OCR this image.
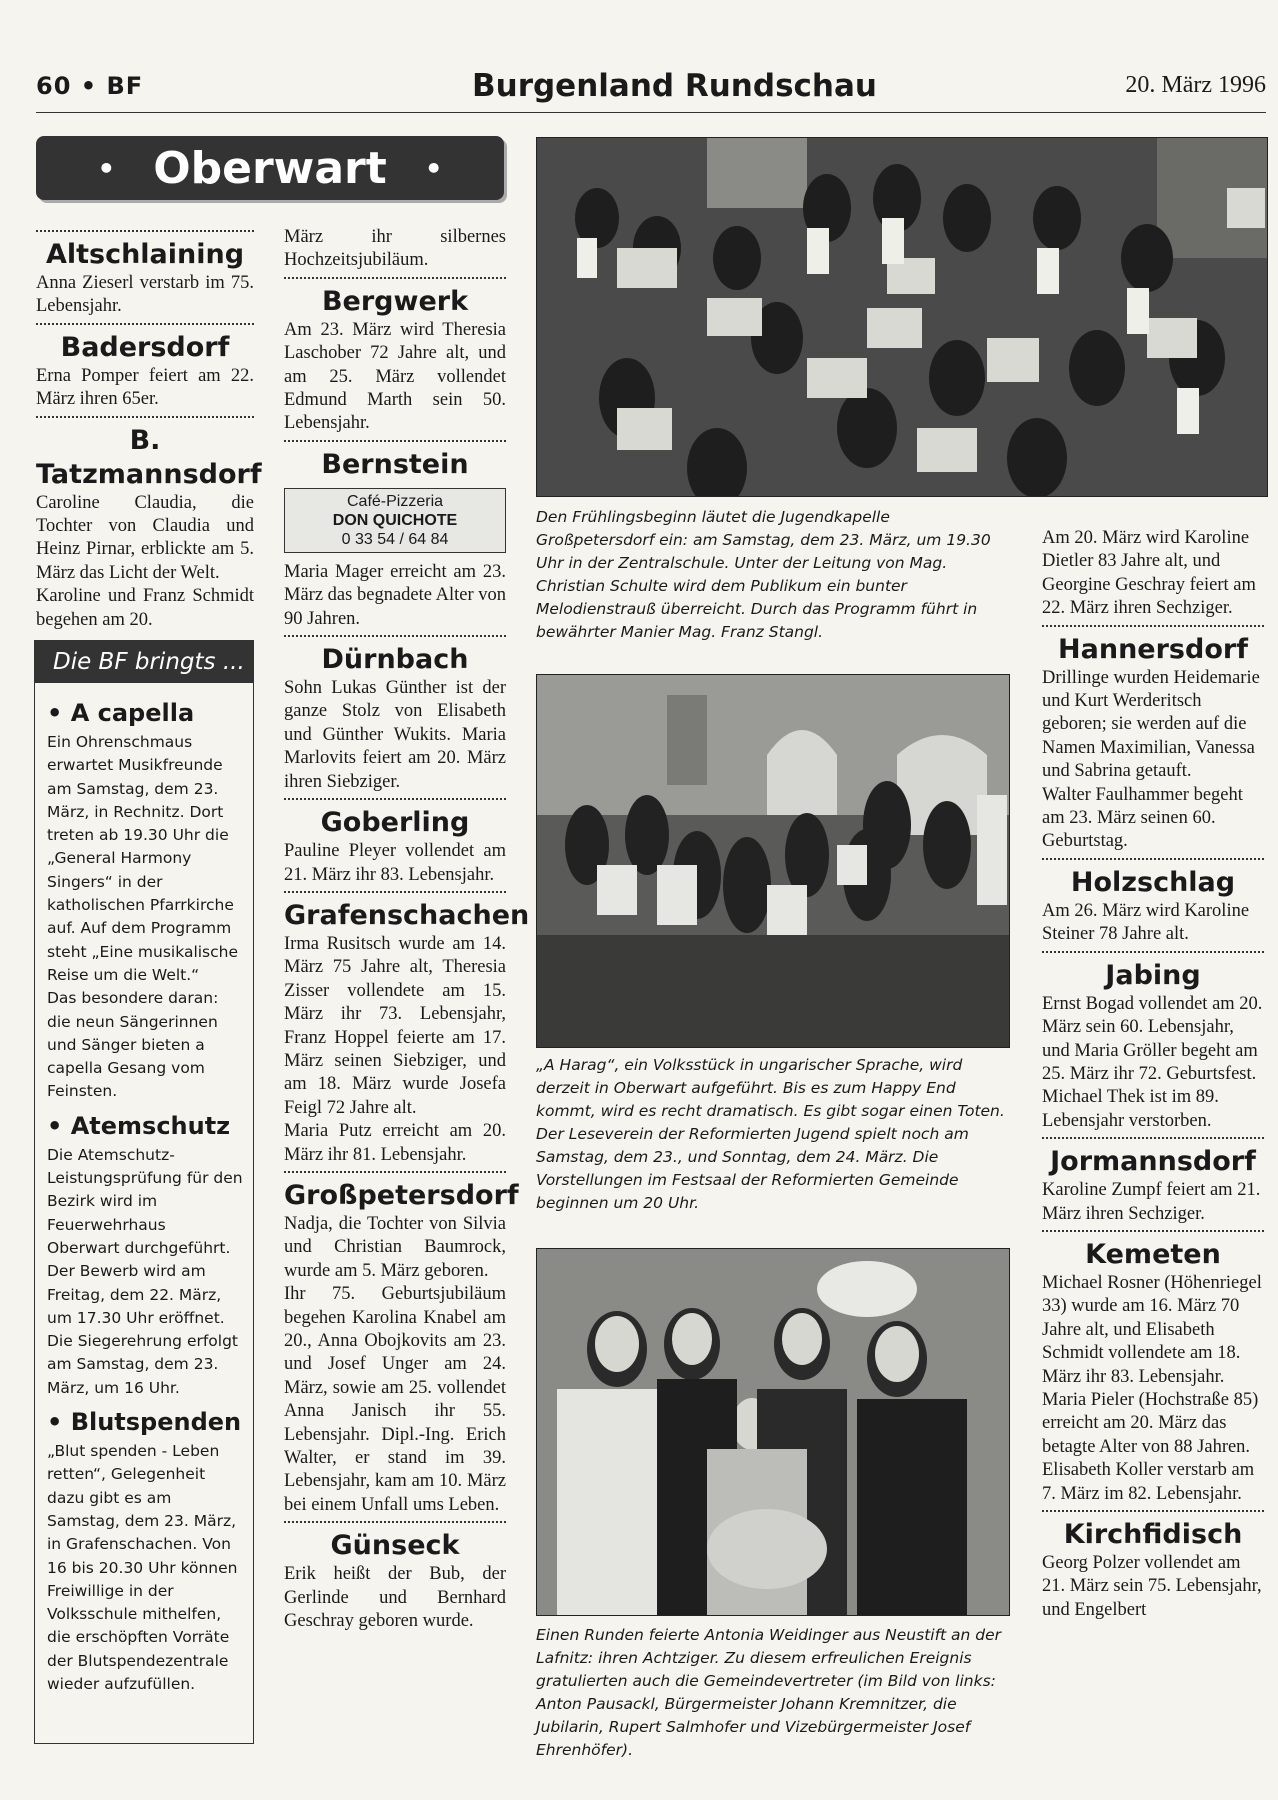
60 • BF	Burgenland Rundschau	20. März 1996
• Oberwart •
Altschlaining

Anna Zieserl verstarb im 75. Lebensjahr.

Badersdorf

Erna Pomper feiert am 22. März ihren 65er.

B. Tatzmannsdorf

Caroline Claudia, die Tochter von Claudia und Heinz Pirnar, erblickte am 5. März das Licht der Welt.

Karoline und Franz Schmidt begehen am 20.

Die BF bringts ...
• A capella

Ein Ohrenschmaus erwartet Musikfreunde am Samstag, dem 23. März, in Rechnitz. Dort treten ab 19.30 Uhr die „General Harmony Singers“ in der katholischen Pfarrkirche auf. Auf dem Programm steht „Eine musikalische Reise um die Welt.“

Das besondere daran: die neun Sängerinnen und Sänger bieten a capella Gesang vom Feinsten.

• Atemschutz

Die Atemschutz-Leistungsprüfung für den Bezirk wird im Feuerwehrhaus Oberwart durchgeführt. Der Bewerb wird am Freitag, dem 22. März, um 17.30 Uhr eröffnet. Die Siegerehrung erfolgt am Samstag, dem 23. März, um 16 Uhr.

• Blutspenden

„Blut spenden - Leben retten“, Gelegenheit dazu gibt es am Samstag, dem 23. März, in Grafenschachen. Von 16 bis 20.30 Uhr können Freiwillige in der Volksschule mithelfen, die erschöpften Vorräte der Blutspendezentrale wieder aufzufüllen.

März ihr silbernes Hochzeitsjubiläum.

Bergwerk

Am 23. März wird Theresia Laschober 72 Jahre alt, und am 25. März vollendet Edmund Marth sein 50. Lebensjahr.

Bernstein
Café-Pizzeria
DON QUICHOTE
0 33 54 / 64 84

Maria Mager erreicht am 23. März das begnadete Alter von 90 Jahren.

Dürnbach

Sohn Lukas Günther ist der ganze Stolz von Elisabeth und Günther Wukits. Maria Marlovits feiert am 20. März ihren Siebziger.

Goberling

Pauline Pleyer vollendet am 21. März ihr 83. Lebensjahr.

Grafenschachen

Irma Rusitsch wurde am 14. März 75 Jahre alt, Theresia Zisser vollendete am 15. März ihr 73. Lebensjahr, Franz Hoppel feierte am 17. März seinen Siebziger, und am 18. März wurde Josefa Feigl 72 Jahre alt.

Maria Putz erreicht am 20. März ihr 81. Lebensjahr.

Großpetersdorf

Nadja, die Tochter von Silvia und Christian Baumrock, wurde am 5. März geboren.

Ihr 75. Geburtsjubiläum begehen Karolina Knabel am 20., Anna Obojkovits am 23. und Josef Unger am 24. März, sowie am 25. vollendet Anna Janisch ihr 55. Lebensjahr. Dipl.-Ing. Erich Walter, er stand im 39. Lebensjahr, kam am 10. März bei einem Unfall ums Leben.

Günseck

Erik heißt der Bub, der Gerlinde und Bernhard Geschray geboren wurde.

Den Frühlingsbeginn läutet die Jugendkapelle Großpetersdorf ein: am Samstag, dem 23. März, um 19.30 Uhr in der Zentralschule. Unter der Leitung von Mag. Christian Schulte wird dem Publikum ein bunter Melodienstrauß überreicht. Durch das Programm führt in bewährter Manier Mag. Franz Stangl.
„A Harag“, ein Volksstück in ungarischer Sprache, wird derzeit in Oberwart aufgeführt. Bis es zum Happy End kommt, wird es recht dramatisch. Es gibt sogar einen Toten. Der Leseverein der Reformierten Jugend spielt noch am Samstag, dem 23., und Sonntag, dem 24. März. Die Vorstellungen im Festsaal der Reformierten Gemeinde beginnen um 20 Uhr.
Einen Runden feierte Antonia Weidinger aus Neustift an der Lafnitz: ihren Achtziger. Zu diesem erfreulichen Ereignis gratulierten auch die Gemeindevertreter (im Bild von links: Anton Pausackl, Bürgermeister Johann Kremnitzer, die Jubilarin, Rupert Salmhofer und Vizebürgermeister Josef Ehrenhöfer).

Am 20. März wird Karoline Dietler 83 Jahre alt, und Georgine Geschray feiert am 22. März ihren Sechziger.

Hannersdorf

Drillinge wurden Heidemarie und Kurt Werderitsch geboren; sie werden auf die Namen Maximilian, Vanessa und Sabrina getauft.

Walter Faulhammer begeht am 23. März seinen 60. Geburtstag.

Holzschlag

Am 26. März wird Karoline Steiner 78 Jahre alt.

Jabing

Ernst Bogad vollendet am 20. März sein 60. Lebensjahr, und Maria Gröller begeht am 25. März ihr 72. Geburtsfest.

Michael Thek ist im 89. Lebensjahr verstorben.

Jormannsdorf

Karoline Zumpf feiert am 21. März ihren Sechziger.

Kemeten

Michael Rosner (Höhenriegel 33) wurde am 16. März 70 Jahre alt, und Elisabeth Schmidt vollendete am 18. März ihr 83. Lebensjahr.

Maria Pieler (Hochstraße 85) erreicht am 20. März das betagte Alter von 88 Jahren.

Elisabeth Koller verstarb am 7. März im 82. Lebensjahr.

Kirchfidisch

Georg Polzer vollendet am 21. März sein 75. Lebensjahr, und Engelbert
